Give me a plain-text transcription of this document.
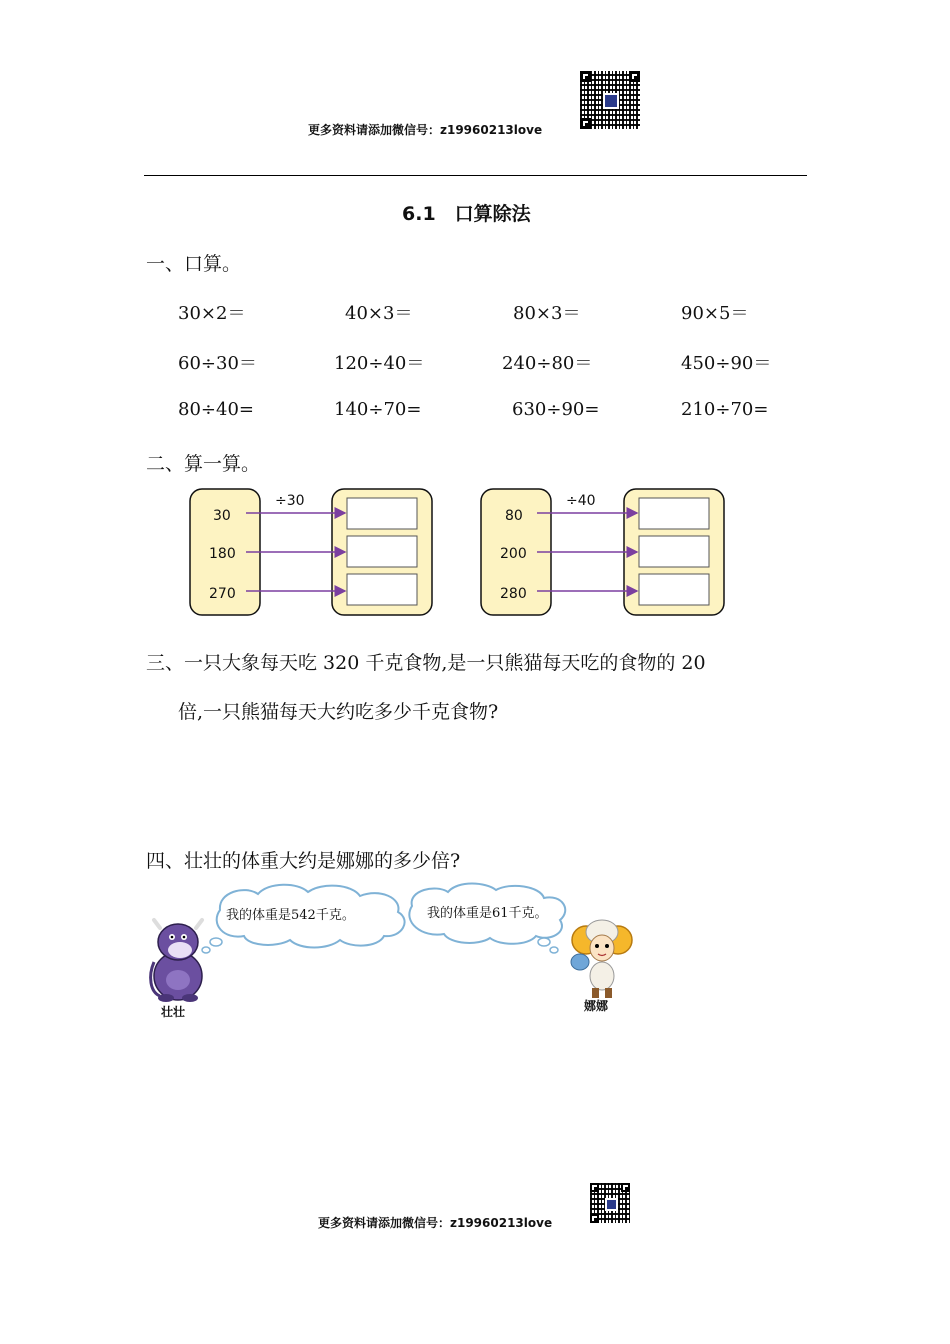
更多资料请添加微信号：z19960213love
6.1　口算除法
一、口算。
30×2＝	40×3＝	80×3＝	90×5＝
60÷30＝	120÷40＝	240÷80＝	450÷90＝
80÷40=	140÷70=	630÷90=	210÷70=
二、算一算。
÷30
30
180
270
÷40
80
200
280
三、一只大象每天吃 320 千克食物,是一只熊猫每天吃的食物的 20
倍,一只熊猫每天大约吃多少千克食物?
四、壮壮的体重大约是娜娜的多少倍?
我的体重是542千克。	我的体重是61千克。
壮壮	娜娜
更多资料请添加微信号：z19960213love
